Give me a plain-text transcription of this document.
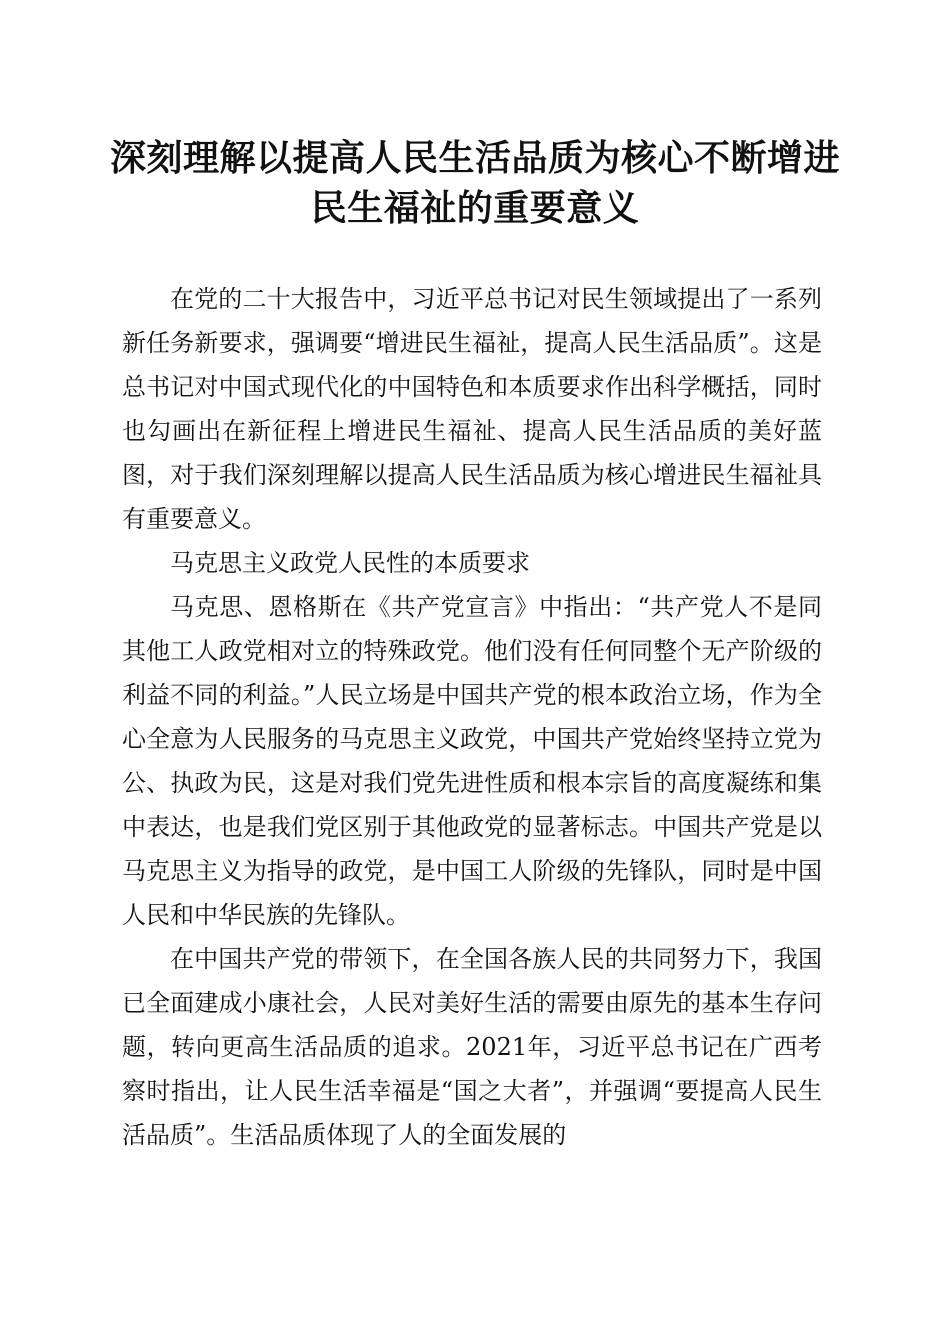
深刻理解以提高人民生活品质为核心不断增进
民生福祉的重要意义

在党的二十大报告中，习近平总书记对民生领域提出了一系列新任务新要求，强调要“增进民生福祉，提高人民生活品质”。这是总书记对中国式现代化的中国特色和本质要求作出科学概括，同时也勾画出在新征程上增进民生福祉、提高人民生活品质的美好蓝图，对于我们深刻理解以提高人民生活品质为核心增进民生福祉具有重要意义。

马克思主义政党人民性的本质要求

马克思、恩格斯在《共产党宣言》中指出：“共产党人不是同其他工人政党相对立的特殊政党。他们没有任何同整个无产阶级的利益不同的利益。”人民立场是中国共产党的根本政治立场，作为全心全意为人民服务的马克思主义政党，中国共产党始终坚持立党为公、执政为民，这是对我们党先进性质和根本宗旨的高度凝练和集中表达，也是我们党区别于其他政党的显著标志。中国共产党是以马克思主义为指导的政党，是中国工人阶级的先锋队，同时是中国人民和中华民族的先锋队。

在中国共产党的带领下，在全国各族人民的共同努力下，我国已全面建成小康社会，人民对美好生活的需要由原先的基本生存问题，转向更高生活品质的追求。2021年，习近平总书记在广西考察时指出，让人民生活幸福是“国之大者”，并强调“要提高人民生活品质”。生活品质体现了人的全面发展的
